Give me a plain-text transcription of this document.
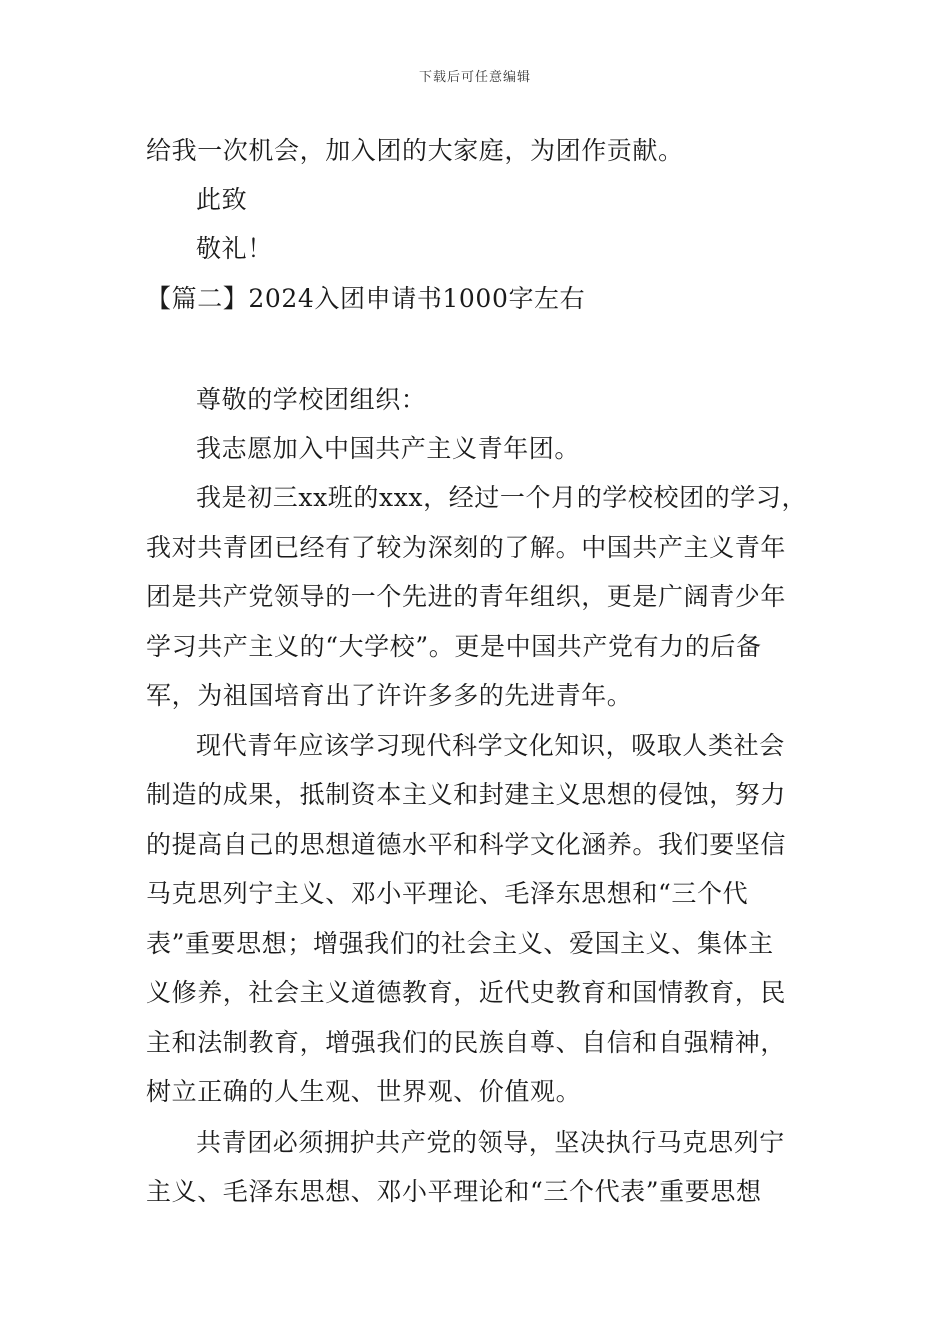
下载后可任意编辑
给我一次机会，加入团的大家庭，为团作贡献。
此致
敬礼！
【篇二】2024入团申请书1000字左右
尊敬的学校团组织：
我志愿加入中国共产主义青年团。
我是初三xx班的xxx，经过一个月的学校校团的学习，
我对共青团已经有了较为深刻的了解。中国共产主义青年
团是共产党领导的一个先进的青年组织，更是广阔青少年
学习共产主义的“大学校”。更是中国共产党有力的后备
军，为祖国培育出了许许多多的先进青年。
现代青年应该学习现代科学文化知识，吸取人类社会
制造的成果，抵制资本主义和封建主义思想的侵蚀，努力
的提高自己的思想道德水平和科学文化涵养。我们要坚信
马克思列宁主义、邓小平理论、毛泽东思想和“三个代
表”重要思想；增强我们的社会主义、爱国主义、集体主
义修养，社会主义道德教育，近代史教育和国情教育，民
主和法制教育，增强我们的民族自尊、自信和自强精神，
树立正确的人生观、世界观、价值观。
共青团必须拥护共产党的领导，坚决执行马克思列宁
主义、毛泽东思想、邓小平理论和“三个代表”重要思想
